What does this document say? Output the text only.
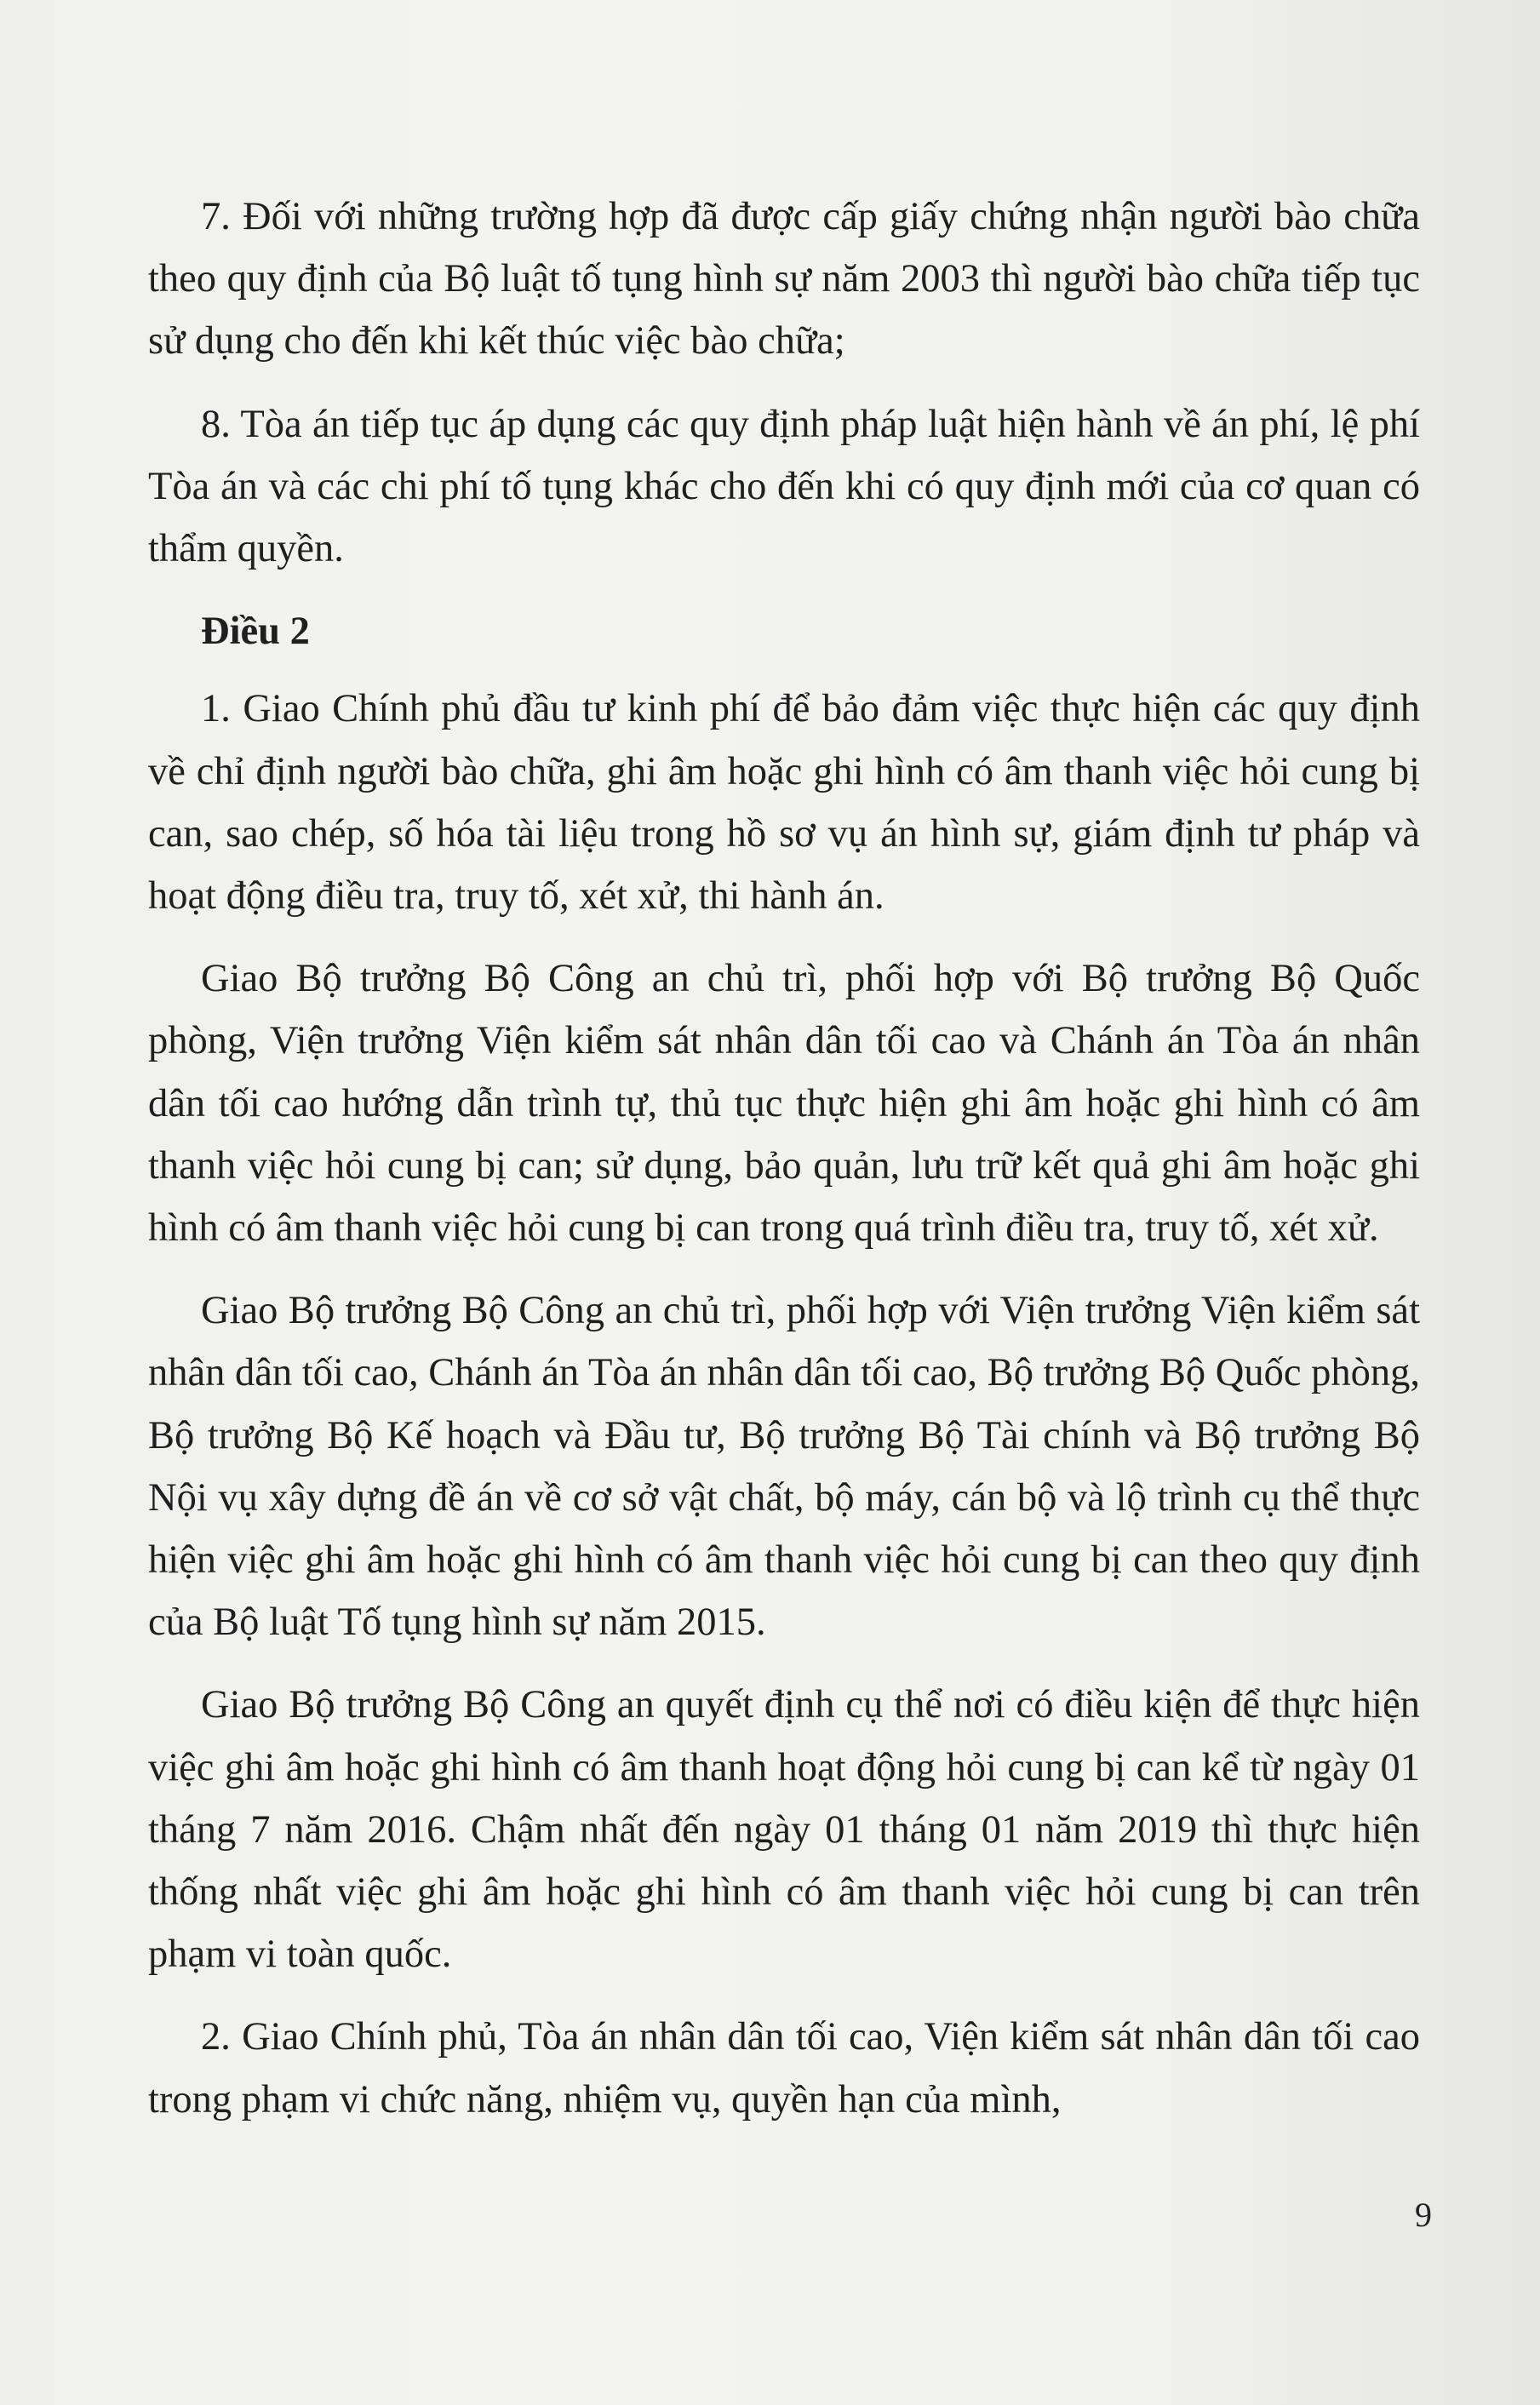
7. Đối với những trường hợp đã được cấp giấy chứng nhận người bào chữa theo quy định của Bộ luật tố tụng hình sự năm 2003 thì người bào chữa tiếp tục sử dụng cho đến khi kết thúc việc bào chữa;

8. Tòa án tiếp tục áp dụng các quy định pháp luật hiện hành về án phí, lệ phí Tòa án và các chi phí tố tụng khác cho đến khi có quy định mới của cơ quan có thẩm quyền.

Điều 2

1. Giao Chính phủ đầu tư kinh phí để bảo đảm việc thực hiện các quy định về chỉ định người bào chữa, ghi âm hoặc ghi hình có âm thanh việc hỏi cung bị can, sao chép, số hóa tài liệu trong hồ sơ vụ án hình sự, giám định tư pháp và hoạt động điều tra, truy tố, xét xử, thi hành án.

Giao Bộ trưởng Bộ Công an chủ trì, phối hợp với Bộ trưởng Bộ Quốc phòng, Viện trưởng Viện kiểm sát nhân dân tối cao và Chánh án Tòa án nhân dân tối cao hướng dẫn trình tự, thủ tục thực hiện ghi âm hoặc ghi hình có âm thanh việc hỏi cung bị can; sử dụng, bảo quản, lưu trữ kết quả ghi âm hoặc ghi hình có âm thanh việc hỏi cung bị can trong quá trình điều tra, truy tố, xét xử.

Giao Bộ trưởng Bộ Công an chủ trì, phối hợp với Viện trưởng Viện kiểm sát nhân dân tối cao, Chánh án Tòa án nhân dân tối cao, Bộ trưởng Bộ Quốc phòng, Bộ trưởng Bộ Kế hoạch và Đầu tư, Bộ trưởng Bộ Tài chính và Bộ trưởng Bộ Nội vụ xây dựng đề án về cơ sở vật chất, bộ máy, cán bộ và lộ trình cụ thể thực hiện việc ghi âm hoặc ghi hình có âm thanh việc hỏi cung bị can theo quy định của Bộ luật Tố tụng hình sự năm 2015.

Giao Bộ trưởng Bộ Công an quyết định cụ thể nơi có điều kiện để thực hiện việc ghi âm hoặc ghi hình có âm thanh hoạt động hỏi cung bị can kể từ ngày 01 tháng 7 năm 2016. Chậm nhất đến ngày 01 tháng 01 năm 2019 thì thực hiện thống nhất việc ghi âm hoặc ghi hình có âm thanh việc hỏi cung bị can trên phạm vi toàn quốc.

2. Giao Chính phủ, Tòa án nhân dân tối cao, Viện kiểm sát nhân dân tối cao trong phạm vi chức năng, nhiệm vụ, quyền hạn của mình,

9
